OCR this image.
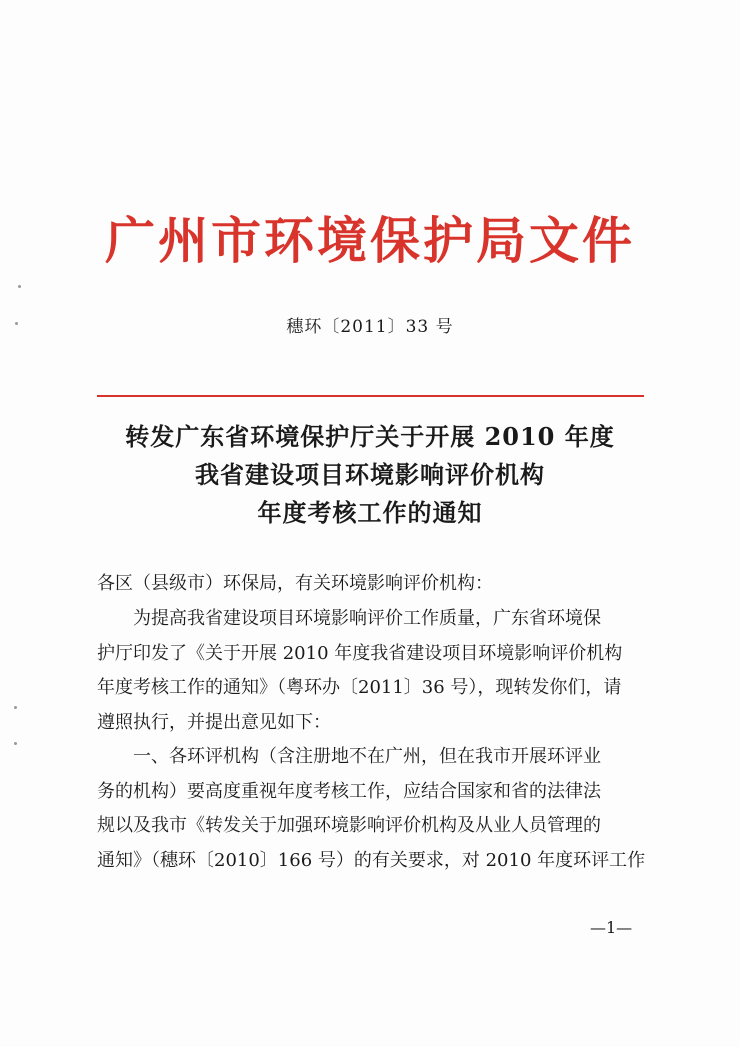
广州市环境保护局文件
穗环〔2011〕33 号
转发广东省环境保护厅关于开展 2010 年度
我省建设项目环境影响评价机构
年度考核工作的通知
各区（县级市）环保局，有关环境影响评价机构：
为提高我省建设项目环境影响评价工作质量，广东省环境保
护厅印发了《关于开展 2010 年度我省建设项目环境影响评价机构
年度考核工作的通知》（粤环办〔2011〕36 号），现转发你们，请
遵照执行，并提出意见如下：
一、各环评机构（含注册地不在广州，但在我市开展环评业
务的机构）要高度重视年度考核工作，应结合国家和省的法律法
规以及我市《转发关于加强环境影响评价机构及从业人员管理的
通知》（穗环〔2010〕166 号）的有关要求，对 2010 年度环评工作
—1—
